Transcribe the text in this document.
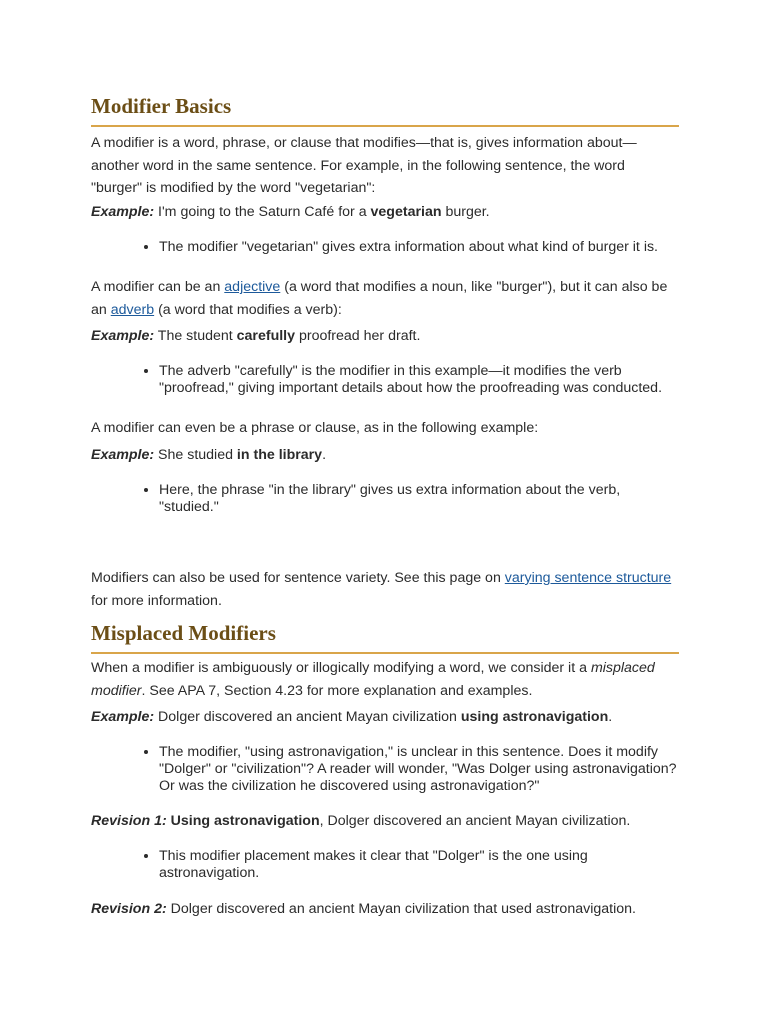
Modifier Basics

A modifier is a word, phrase, or clause that modifies—that is, gives information about—another word in the same sentence. For example, in the following sentence, the word "burger" is modified by the word "vegetarian":

Example: I'm going to the Saturn Café for a vegetarian burger.

• The modifier "vegetarian" gives extra information about what kind of burger it is.

A modifier can be an adjective (a word that modifies a noun, like "burger"), but it can also be an adverb (a word that modifies a verb):

Example: The student carefully proofread her draft.

• The adverb "carefully" is the modifier in this example—it modifies the verb "proofread," giving important details about how the proofreading was conducted.

A modifier can even be a phrase or clause, as in the following example:

Example: She studied in the library.

• Here, the phrase "in the library" gives us extra information about the verb, "studied."

Modifiers can also be used for sentence variety. See this page on varying sentence structure for more information.

Misplaced Modifiers

When a modifier is ambiguously or illogically modifying a word, we consider it a misplaced modifier. See APA 7, Section 4.23 for more explanation and examples.

Example: Dolger discovered an ancient Mayan civilization using astronavigation.

• The modifier, "using astronavigation," is unclear in this sentence. Does it modify "Dolger" or "civilization"? A reader will wonder, "Was Dolger using astronavigation? Or was the civilization he discovered using astronavigation?"

Revision 1: Using astronavigation, Dolger discovered an ancient Mayan civilization.

• This modifier placement makes it clear that "Dolger" is the one using astronavigation.

Revision 2: Dolger discovered an ancient Mayan civilization that used astronavigation.
